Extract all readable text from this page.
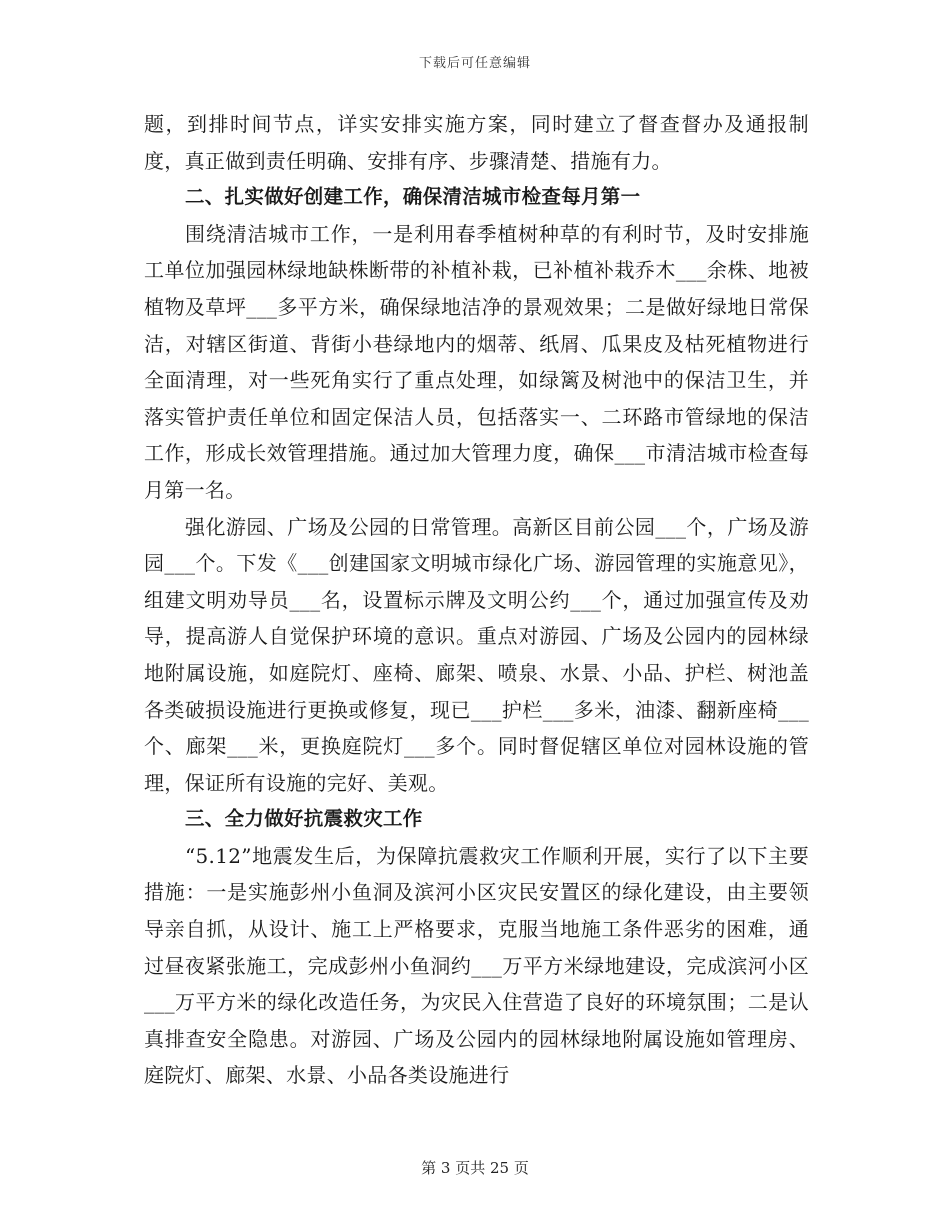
下载后可任意编辑

题，到排时间节点，详实安排实施方案，同时建立了督查督办及通报制度，真正做到责任明确、安排有序、步骤清楚、措施有力。

二、扎实做好创建工作，确保清洁城市检查每月第一

围绕清洁城市工作，一是利用春季植树种草的有利时节，及时安排施工单位加强园林绿地缺株断带的补植补栽，已补植补栽乔木___余株、地被植物及草坪___多平方米，确保绿地洁净的景观效果；二是做好绿地日常保洁，对辖区街道、背街小巷绿地内的烟蒂、纸屑、瓜果皮及枯死植物进行全面清理，对一些死角实行了重点处理，如绿篱及树池中的保洁卫生，并落实管护责任单位和固定保洁人员，包括落实一、二环路市管绿地的保洁工作，形成长效管理措施。通过加大管理力度，确保___市清洁城市检查每月第一名。

强化游园、广场及公园的日常管理。高新区目前公园___个，广场及游园___个。下发《___创建国家文明城市绿化广场、游园管理的实施意见》，组建文明劝导员___名，设置标示牌及文明公约___个，通过加强宣传及劝导，提高游人自觉保护环境的意识。重点对游园、广场及公园内的园林绿地附属设施，如庭院灯、座椅、廊架、喷泉、水景、小品、护栏、树池盖各类破损设施进行更换或修复，现已___护栏___多米，油漆、翻新座椅___个、廊架___米，更换庭院灯___多个。同时督促辖区单位对园林设施的管理，保证所有设施的完好、美观。

三、全力做好抗震救灾工作

“5.12”地震发生后，为保障抗震救灾工作顺利开展，实行了以下主要措施：一是实施彭州小鱼洞及滨河小区灾民安置区的绿化建设，由主要领导亲自抓，从设计、施工上严格要求，克服当地施工条件恶劣的困难，通过昼夜紧张施工，完成彭州小鱼洞约___万平方米绿地建设，完成滨河小区___万平方米的绿化改造任务，为灾民入住营造了良好的环境氛围；二是认真排查安全隐患。对游园、广场及公园内的园林绿地附属设施如管理房、庭院灯、廊架、水景、小品各类设施进行

第 3 页共 25 页
